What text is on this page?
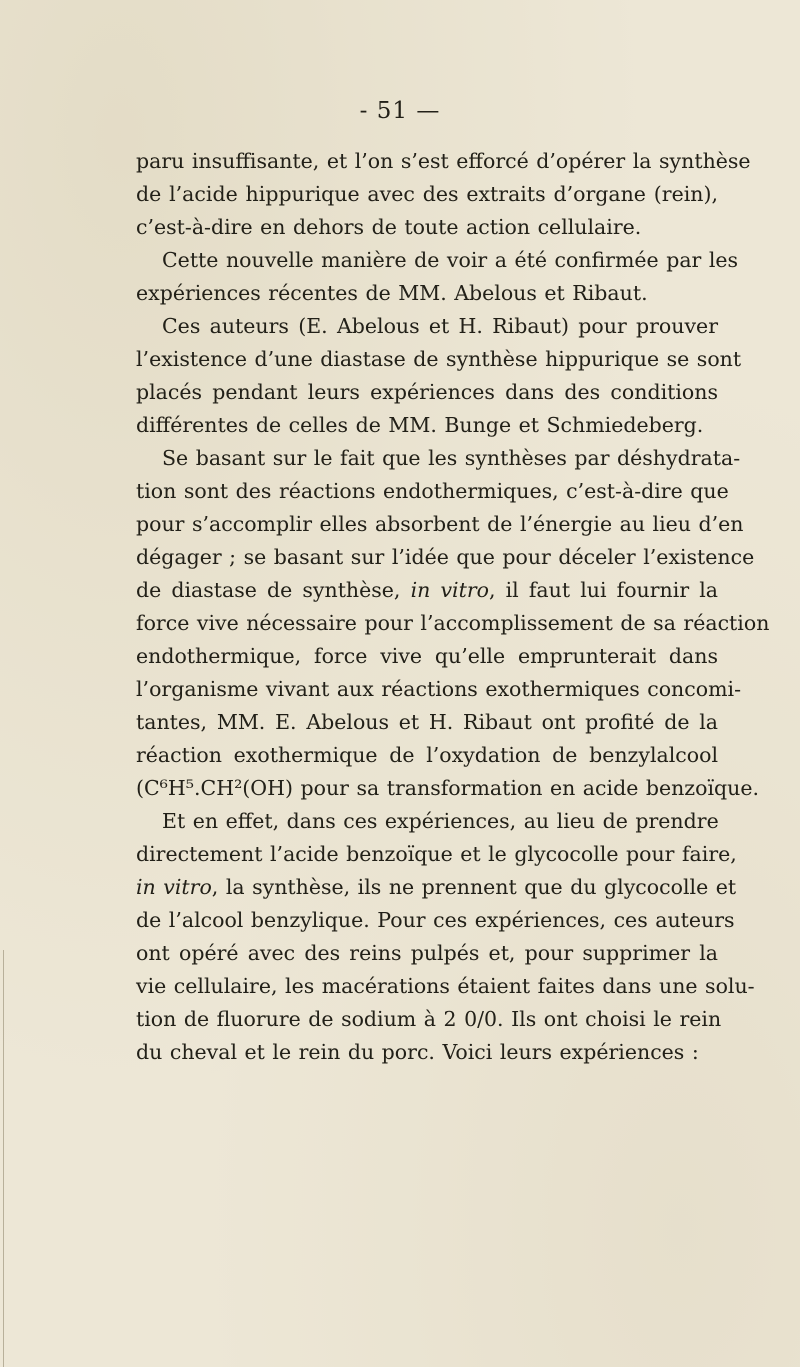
- 51 —
paru insuffisante, et l’on s’est efforcé d’opérer la synthèse
de l’acide hippurique avec des extraits d’organe (rein),
c’est-à-dire en dehors de toute action cellulaire.
Cette nouvelle manière de voir a été confirmée par les
expériences récentes de MM. Abelous et Ribaut.
Ces auteurs (E. Abelous et H. Ribaut) pour prouver
l’existence d’une diastase de synthèse hippurique se sont
placés pendant leurs expériences dans des conditions
différentes de celles de MM. Bunge et Schmiedeberg.
Se basant sur le fait que les synthèses par déshydrata-
tion sont des réactions endothermiques, c’est-à-dire que
pour s’accomplir elles absorbent de l’énergie au lieu d’en
dégager ; se basant sur l’idée que pour déceler l’existence
de diastase de synthèse, in vitro, il faut lui fournir la
force vive nécessaire pour l’accomplissement de sa réaction
endothermique, force vive qu’elle emprunterait dans
l’organisme vivant aux réactions exothermiques concomi-
tantes, MM. E. Abelous et H. Ribaut ont profité de la
réaction exothermique de l’oxydation de benzylalcool
(C⁶H⁵.CH²(OH) pour sa transformation en acide benzoïque.
Et en effet, dans ces expériences, au lieu de prendre
directement l’acide benzoïque et le glycocolle pour faire,
in vitro, la synthèse, ils ne prennent que du glycocolle et
de l’alcool benzylique. Pour ces expériences, ces auteurs
ont opéré avec des reins pulpés et, pour supprimer la
vie cellulaire, les macérations étaient faites dans une solu-
tion de fluorure de sodium à 2 0/0. Ils ont choisi le rein
du cheval et le rein du porc. Voici leurs expériences :
